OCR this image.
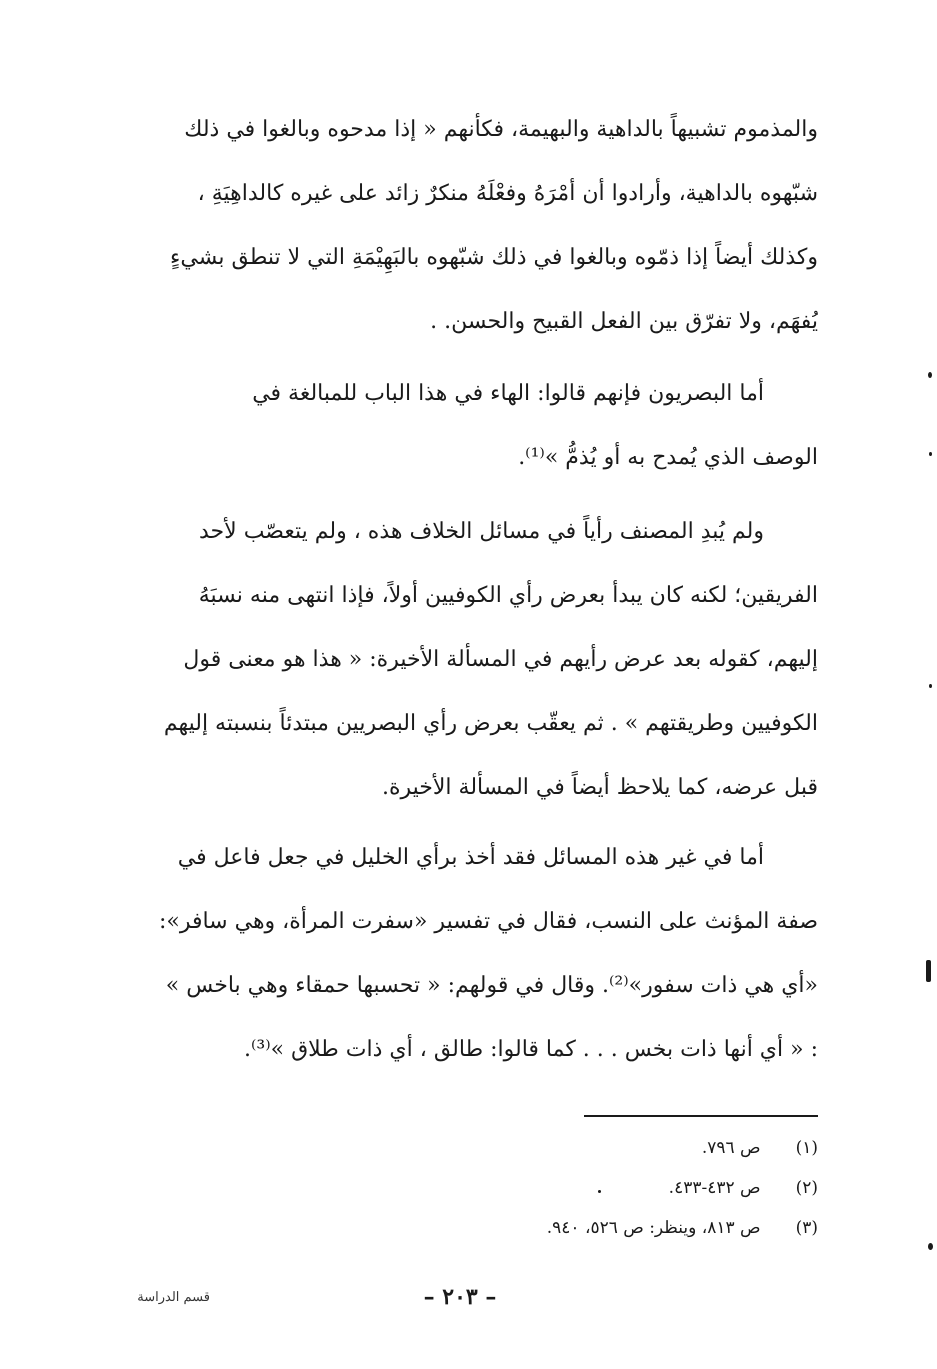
والمذموم تشبيهاً بالداهية والبهيمة، فكأنهم « إذا مدحوه وبالغوا في ذلك
شبّهوه بالداهية، وأرادوا أن أمْرَهُ وفعْلَهُ منكرٌ زائد على غيره كالداهِيَةِ ،
وكذلك أيضاً إذا ذمّوه وبالغوا في ذلك شبّهوه بالبَهِيْمَةِ التي لا تنطق بشيءٍ
يُفهَم، ولا تفرّق بين الفعل القبيح والحسن. .
أما البصريون فإنهم قالوا: الهاء في هذا الباب للمبالغة في
الوصف الذي يُمدح به أو يُذمُّ »⁽¹⁾.
ولم يُبدِ المصنف رأياً في مسائل الخلاف هذه ، ولم يتعصّب لأحد
الفريقين؛ لكنه كان يبدأ بعرض رأي الكوفيين أولاً، فإذا انتهى منه نسبَهُ
إليهم، كقوله بعد عرض رأيهم في المسألة الأخيرة: « هذا هو معنى قول
الكوفيين وطريقتهم » . ثم يعقّب بعرض رأي البصريين مبتدئاً بنسبته إليهم
قبل عرضه، كما يلاحظ أيضاً في المسألة الأخيرة.
أما في غير هذه المسائل فقد أخذ برأي الخليل في جعل فاعل في
صفة المؤنث على النسب، فقال في تفسير «سفرت المرأة، وهي سافر»:
«أي هي ذات سفور»⁽²⁾. وقال في قولهم: « تحسبها حمقاء وهي باخس »
: « أي أنها ذات بخس . . . كما قالوا: طالق ، أي ذات طلاق »⁽³⁾.
(١) ص ٧٩٦.
(٢) ص ٤٣٢-٤٣٣.
(٣) ص ٨١٣، وينظر: ص ٥٢٦، ٩٤٠.
– ٢٠٣ –
قسم الدراسة
